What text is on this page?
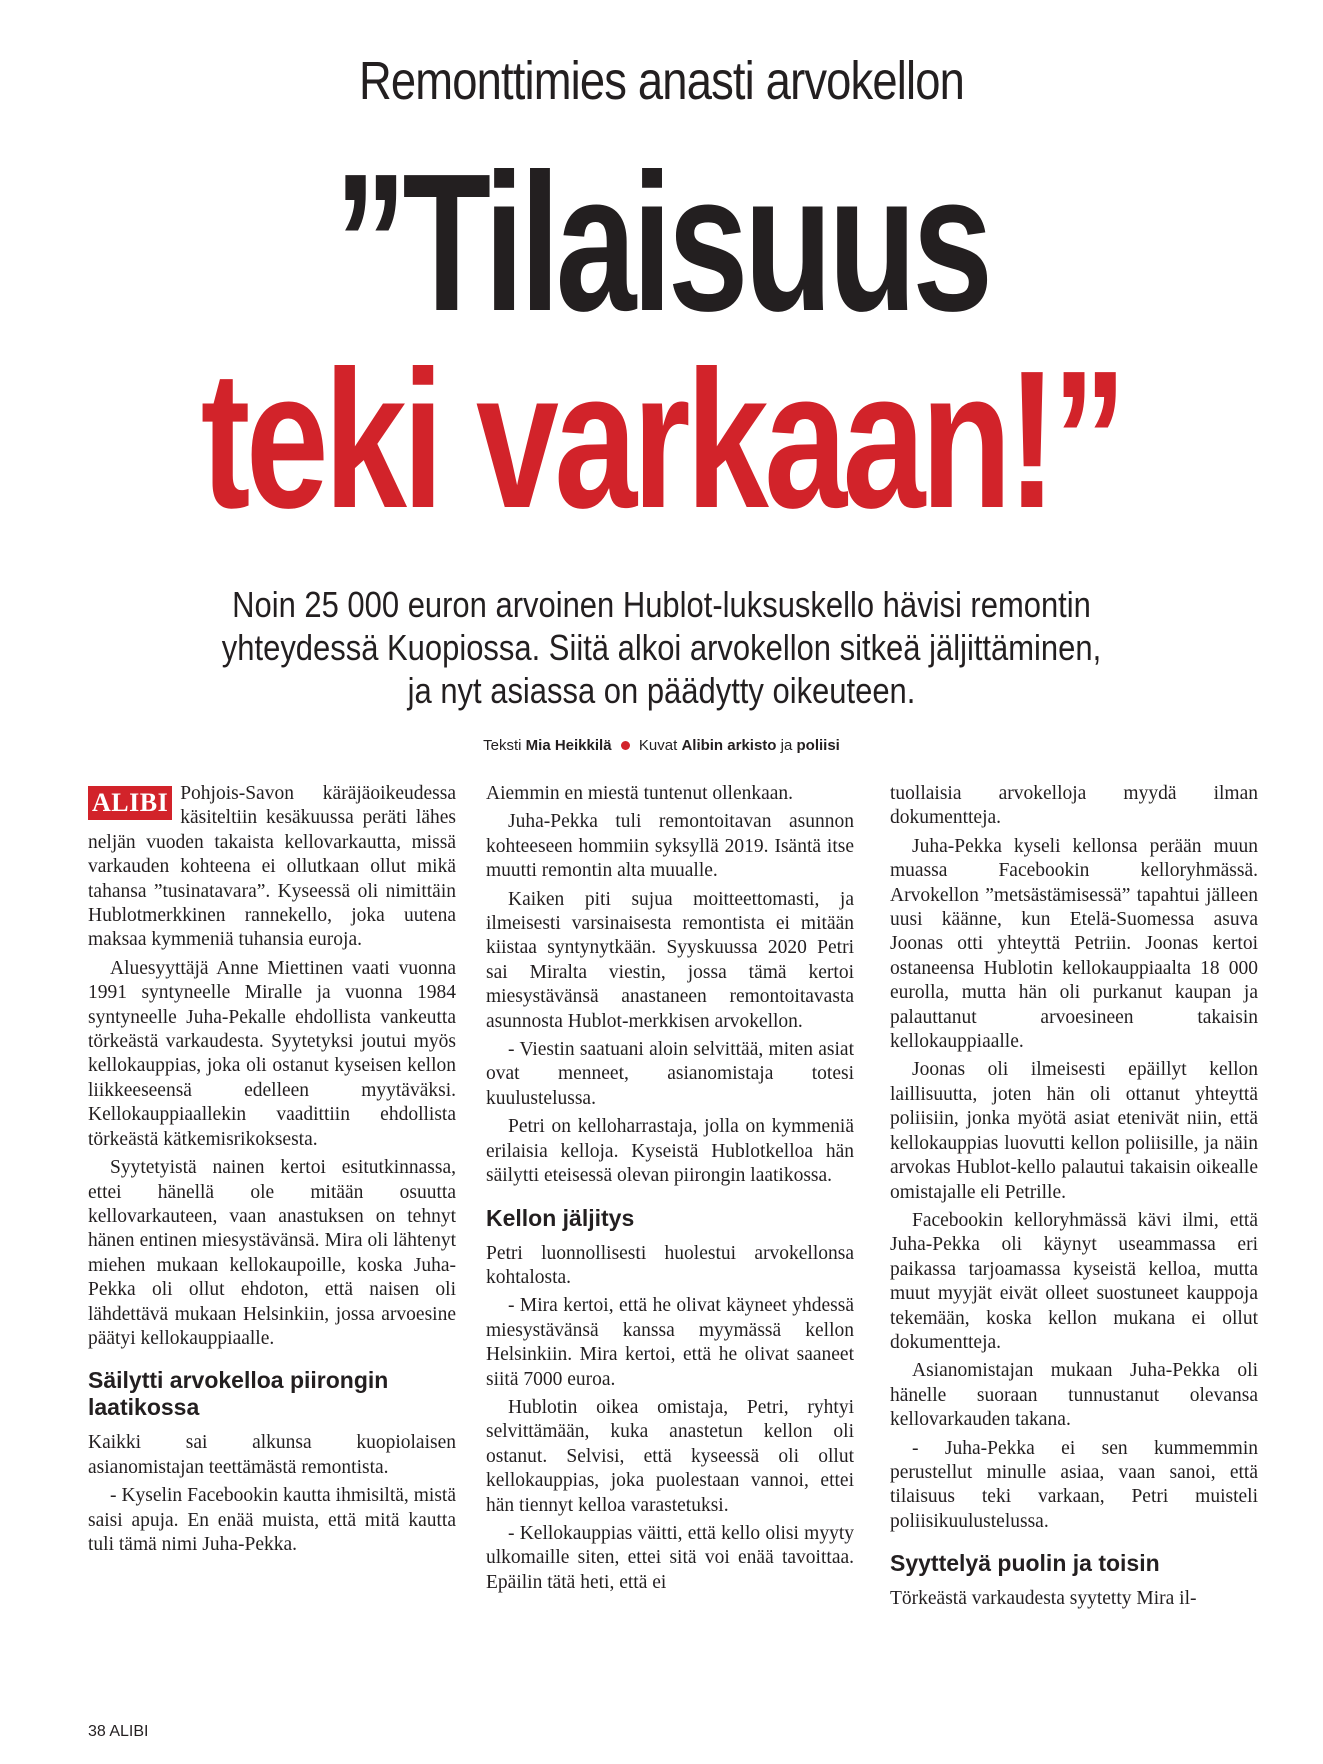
Remonttimies anasti arvokellon
”Tilaisuus
teki varkaan!”
Noin 25 000 euron arvoinen Hublot-luksuskello hävisi remontin
yhteydessä Kuopiossa. Siitä alkoi arvokellon sitkeä jäljittäminen,
ja nyt asiassa on päädytty oikeuteen.
Teksti Mia Heikkilä Kuvat Alibin arkisto ja poliisi
ALIBI Pohjois-Savon käräjäoikeudessa käsiteltiin kesäkuussa peräti lähes neljän vuoden takaista kellovarkautta, missä varkauden kohteena ei ollutkaan ollut mikä tahansa ”tusinatavara”. Kyseessä oli nimittäin Hublotmerkkinen rannekello, joka uutena maksaa kymmeniä tuhansia euroja.

Aluesyyttäjä Anne Miettinen vaati vuonna 1991 syntyneelle Miralle ja vuonna 1984 syntyneelle Juha-Pekalle ehdollista vankeutta törkeästä varkaudesta. Syytetyksi joutui myös kellokauppias, joka oli ostanut kyseisen kellon liikkeeseensä edelleen myytäväksi. Kellokauppiaallekin vaadittiin ehdollista törkeästä kätkemisrikoksesta.

Syytetyistä nainen kertoi esitutkinnassa, ettei hänellä ole mitään osuutta kellovarkauteen, vaan anastuksen on tehnyt hänen entinen miesystävänsä. Mira oli lähtenyt miehen mukaan kellokaupoille, koska Juha-Pekka oli ollut ehdoton, että naisen oli lähdettävä mukaan Helsinkiin, jossa arvoesine päätyi kellokauppiaalle.

Säilytti arvokelloa piirongin laatikossa

Kaikki sai alkunsa kuopiolaisen asianomistajan teettämästä remontista.

- Kyselin Facebookin kautta ihmisiltä, mistä saisi apuja. En enää muista, että mitä kautta tuli tämä nimi Juha-Pekka.

Aiemmin en miestä tuntenut ollenkaan.

Juha-Pekka tuli remontoitavan asunnon kohteeseen hommiin syksyllä 2019. Isäntä itse muutti remontin alta muualle.

Kaiken piti sujua moitteettomasti, ja ilmeisesti varsinaisesta remontista ei mitään kiistaa syntynytkään. Syyskuussa 2020 Petri sai Miralta viestin, jossa tämä kertoi miesystävänsä anastaneen remontoitavasta asunnosta Hublot-merkkisen arvokellon.

- Viestin saatuani aloin selvittää, miten asiat ovat menneet, asianomistaja totesi kuulustelussa.

Petri on kelloharrastaja, jolla on kymmeniä erilaisia kelloja. Kyseistä Hublotkelloa hän säilytti eteisessä olevan piirongin laatikossa.

Kellon jäljitys

Petri luonnollisesti huolestui arvokellonsa kohtalosta.

- Mira kertoi, että he olivat käyneet yhdessä miesystävänsä kanssa myymässä kellon Helsinkiin. Mira kertoi, että he olivat saaneet siitä 7000 euroa.

Hublotin oikea omistaja, Petri, ryhtyi selvittämään, kuka anastetun kellon oli ostanut. Selvisi, että kyseessä oli ollut kellokauppias, joka puolestaan vannoi, ettei hän tiennyt kelloa varastetuksi.

- Kellokauppias väitti, että kello olisi myyty ulkomaille siten, ettei sitä voi enää tavoittaa. Epäilin tätä heti, että ei

tuollaisia arvokelloja myydä ilman dokumentteja.

Juha-Pekka kyseli kellonsa perään muun muassa Facebookin kelloryhmässä. Arvokellon ”metsästämisessä” tapahtui jälleen uusi käänne, kun Etelä-Suomessa asuva Joonas otti yhteyttä Petriin. Joonas kertoi ostaneensa Hublotin kellokauppiaalta 18 000 eurolla, mutta hän oli purkanut kaupan ja palauttanut arvoesineen takaisin kellokauppiaalle.

Joonas oli ilmeisesti epäillyt kellon laillisuutta, joten hän oli ottanut yhteyttä poliisiin, jonka myötä asiat etenivät niin, että kellokauppias luovutti kellon poliisille, ja näin arvokas Hublot-kello palautui takaisin oikealle omistajalle eli Petrille.

Facebookin kelloryhmässä kävi ilmi, että Juha-Pekka oli käynyt useammassa eri paikassa tarjoamassa kyseistä kelloa, mutta muut myyjät eivät olleet suostuneet kauppoja tekemään, koska kellon mukana ei ollut dokumentteja.

Asianomistajan mukaan Juha-Pekka oli hänelle suoraan tunnustanut olevansa kellovarkauden takana.

- Juha-Pekka ei sen kummemmin perustellut minulle asiaa, vaan sanoi, että tilaisuus teki varkaan, Petri muisteli poliisikuulustelussa.

Syyttelyä puolin ja toisin

Törkeästä varkaudesta syytetty Mira il-

38 ALIBI
